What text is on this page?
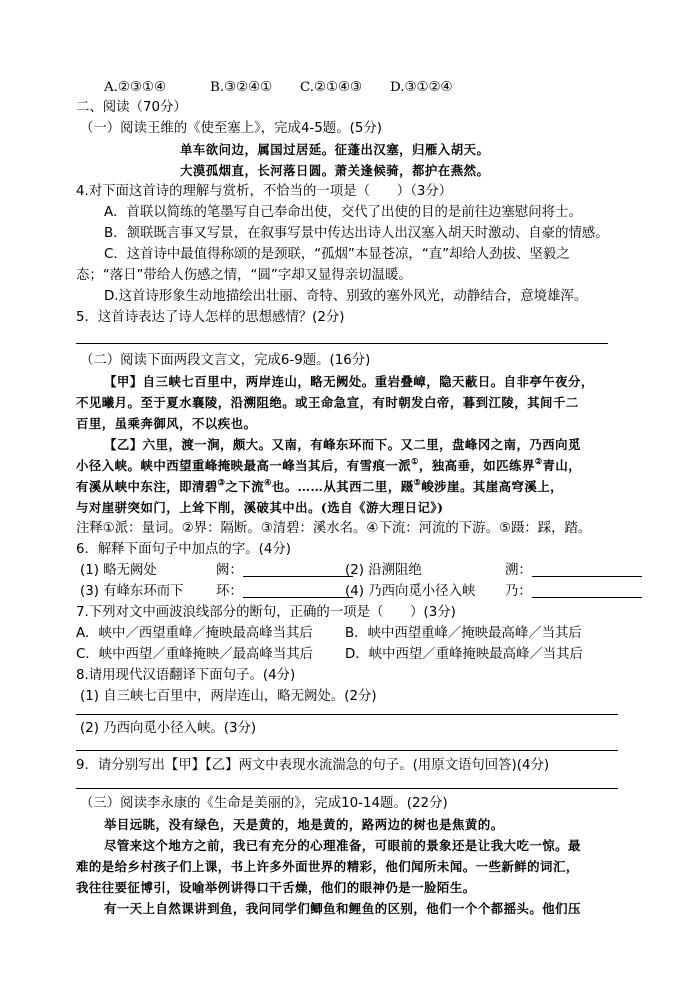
A.②③①④	B.③②④① C.②①④③ D.③①②④
二、阅读（70分）
（一）阅读王维的《使至塞上》，完成4-5题。(5分)
单车欲问边，属国过居延。征蓬出汉塞，归雁入胡天。
大漠孤烟直，长河落日圆。萧关逢候骑，都护在燕然。
4.对下面这首诗的理解与赏析，不恰当的一项是（　　）（3分）
A．首联以简练的笔墨写自己奉命出使，交代了出使的目的是前往边塞慰问将士。
B．颔联既言事又写景，在叙事写景中传达出诗人出汉塞入胡天时激动、自豪的情感。
C．这首诗中最值得称颂的是颈联，“孤烟”本显苍凉，“直”却给人劲拔、坚毅之
态；“落日”带给人伤感之情，“圆”字却又显得亲切温暖。
D.这首诗形象生动地描绘出壮丽、奇特、别致的塞外风光，动静结合，意境雄浑。
5．这首诗表达了诗人怎样的思想感情？(2分)
（二）阅读下面两段文言文，完成6-9题。(16分)
【甲】自三峡七百里中，两岸连山，略无阙处。重岩叠嶂，隐天蔽日。自非亭午夜分，
不见曦月。至于夏水襄陵，沿溯阻绝。或王命急宣，有时朝发白帝，暮到江陵，其间千二
百里，虽乘奔御风，不以疾也。
【乙】六里，渡一涧，颇大。又南，有峰东环而下。又二里，盘峰冈之南，乃西向觅
小径入峡。峡中西望重峰掩映最高一峰当其后，有雪痕一派①，独高垂，如匹练界②青山，
有溪从峡中东注，即清碧③之下流④也。……从其西二里，蹑⑤峻涉崖。其崖高穹溪上，
与对崖骈突如门，上耸下削，溪破其中出。(选自《游大理日记》)
注释①派：量词。②界：隔断。③清碧：溪水名。④下流：河流的下游。⑤蹑：踩，踏。
6．解释下面句子中加点的字。(4分)
(1) 略无阙处	阙：	(2) 沿溯阻绝	溯：
(3) 有峰东环而下 环：	(4) 乃西向觅小径入峡 乃：
7.下列对文中画波浪线部分的断句，正确的一项是（　　）(3分)
A．峡中／西望重峰／掩映最高峰当其后 B．峡中西望重峰／掩映最高峰／当其后
C．峡中西望／重峰掩映／最高峰当其后 D．峡中西望／重峰掩映最高峰／当其后
8.请用现代汉语翻译下面句子。(4分)
(1) 自三峡七百里中，两岸连山，略无阙处。(2分)
(2) 乃西向觅小径入峡。(3分)
9．请分别写出【甲】【乙】两文中表现水流湍急的句子。(用原文语句回答)(4分)
（三）阅读李永康的《生命是美丽的》，完成10-14题。(22分)
举目远眺，没有绿色，天是黄的，地是黄的，路两边的树也是焦黄的。
尽管来这个地方之前，我已有充分的心理准备，可眼前的景象还是让我大吃一惊。最
难的是给乡村孩子们上课，书上许多外面世界的精彩，他们闻所未闻。一些新鲜的词汇，
我往往要征博引，设喻举例讲得口干舌燥，他们的眼神仍是一脸陌生。
有一天上自然课讲到鱼，我问同学们鲫鱼和鲤鱼的区别，他们一个个都摇头。他们压
